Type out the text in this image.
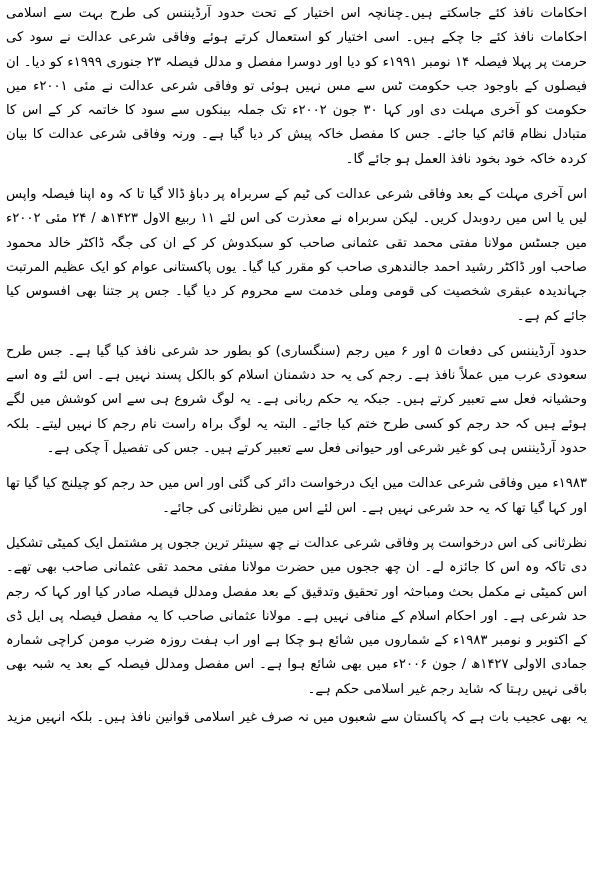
احکامات نافذ کئے جاسکتے ہیں۔چنانچہ اس اختیار کے تحت حدود آرڈیننس کی طرح بہت سے اسلامی احکامات نافذ کئے جا چکے ہیں۔ اسی اختیار کو استعمال کرتے ہوئے وفاقی شرعی عدالت نے سود کی حرمت پر پہلا فیصلہ ۱۴ نومبر ۱۹۹۱ء کو دیا اور دوسرا مفصل و مدلل فیصلہ ۲۳ جنوری ۱۹۹۹ء کو دیا۔ ان فیصلوں کے باوجود جب حکومت ٹس سے مس نہیں ہوئی تو وفاقی شرعی عدالت نے مئی ۲۰۰۱ء میں حکومت کو آخری مہلت دی اور کہا ۳۰ جون ۲۰۰۲ء تک جملہ بینکوں سے سود کا خاتمہ کر کے اس کا متبادل نظام قائم کیا جائے۔ جس کا مفصل خاکہ پیش کر دیا گیا ہے۔ ورنہ وفاقی شرعی عدالت کا بیان کردہ خاکہ خود بخود نافذ العمل ہو جائے گا۔

اس آخری مہلت کے بعد وفاقی شرعی عدالت کی ٹیم کے سربراہ پر دباؤ ڈالا گیا تا کہ وہ اپنا فیصلہ واپس لیں یا اس میں ردوبدل کریں۔ لیکن سربراہ نے معذرت کی اس لئے ۱۱ ربیع الاول ۱۴۲۳ھ / ۲۴ مئی ۲۰۰۲ء میں جسٹس مولانا مفتی محمد تقی عثمانی صاحب کو سبکدوش کر کے ان کی جگہ ڈاکٹر خالد محمود صاحب اور ڈاکٹر رشید احمد جالندھری صاحب کو مقرر کیا گیا۔ یوں پاکستانی عوام کو ایک عظیم المرتبت جہاندیدہ عبقری شخصیت کی قومی وملی خدمت سے محروم کر دیا گیا۔ جس پر جتنا بھی افسوس کیا جائے کم ہے۔

حدود آرڈیننس کی دفعات ۵ اور ۶ میں رجم (سنگساری) کو بطور حد شرعی نافذ کیا گیا ہے۔ جس طرح سعودی عرب میں عملاً نافذ ہے۔ رجم کی یہ حد دشمنان اسلام کو بالکل پسند نہیں ہے۔ اس لئے وہ اسے وحشیانہ فعل سے تعبیر کرتے ہیں۔ جبکہ یہ حکم ربانی ہے۔ یہ لوگ شروع ہی سے اس کوشش میں لگے ہوئے ہیں کہ حد رجم کو کسی طرح ختم کیا جائے۔ البتہ یہ لوگ براہ راست نام رجم کا نہیں لیتے۔ بلکہ حدود آرڈیننس ہی کو غیر شرعی اور حیوانی فعل سے تعبیر کرتے ہیں۔ جس کی تفصیل آ چکی ہے۔

۱۹۸۳ء میں وفاقی شرعی عدالت میں ایک درخواست دائر کی گئی اور اس میں حد رجم کو چیلنج کیا گیا تھا اور کہا گیا تھا کہ یہ حد شرعی نہیں ہے۔ اس لئے اس میں نظرثانی کی جائے۔

نظرثانی کی اس درخواست پر وفاقی شرعی عدالت نے چھ سینئر ترین ججوں پر مشتمل ایک کمیٹی تشکیل دی تاکہ وہ اس کا جائزہ لے۔ ان چھ ججوں میں حضرت مولانا مفتی محمد تقی عثمانی صاحب بھی تھے۔ اس کمیٹی نے مکمل بحث ومباحثہ اور تحقیق وتدقیق کے بعد مفصل ومدلل فیصلہ صادر کیا اور کہا کہ رجم حد شرعی ہے۔ اور احکام اسلام کے منافی نہیں ہے۔ مولانا عثمانی صاحب کا یہ مفصل فیصلہ پی ایل ڈی کے اکتوبر و نومبر ۱۹۸۳ء کے شماروں میں شائع ہو چکا ہے اور اب ہفت روزہ ضرب مومن کراچی شمارہ جمادی الاولی ۱۴۲۷ھ / جون ۲۰۰۶ء میں بھی شائع ہوا ہے۔ اس مفصل ومدلل فیصلہ کے بعد یہ شبہ بھی باقی نہیں رہتا کہ شاید رجم غیر اسلامی حکم ہے۔

یہ بھی عجیب بات ہے کہ پاکستان سے شعبوں میں نہ صرف غیر اسلامی قوانین نافذ ہیں۔ بلکہ انہیں مزید
